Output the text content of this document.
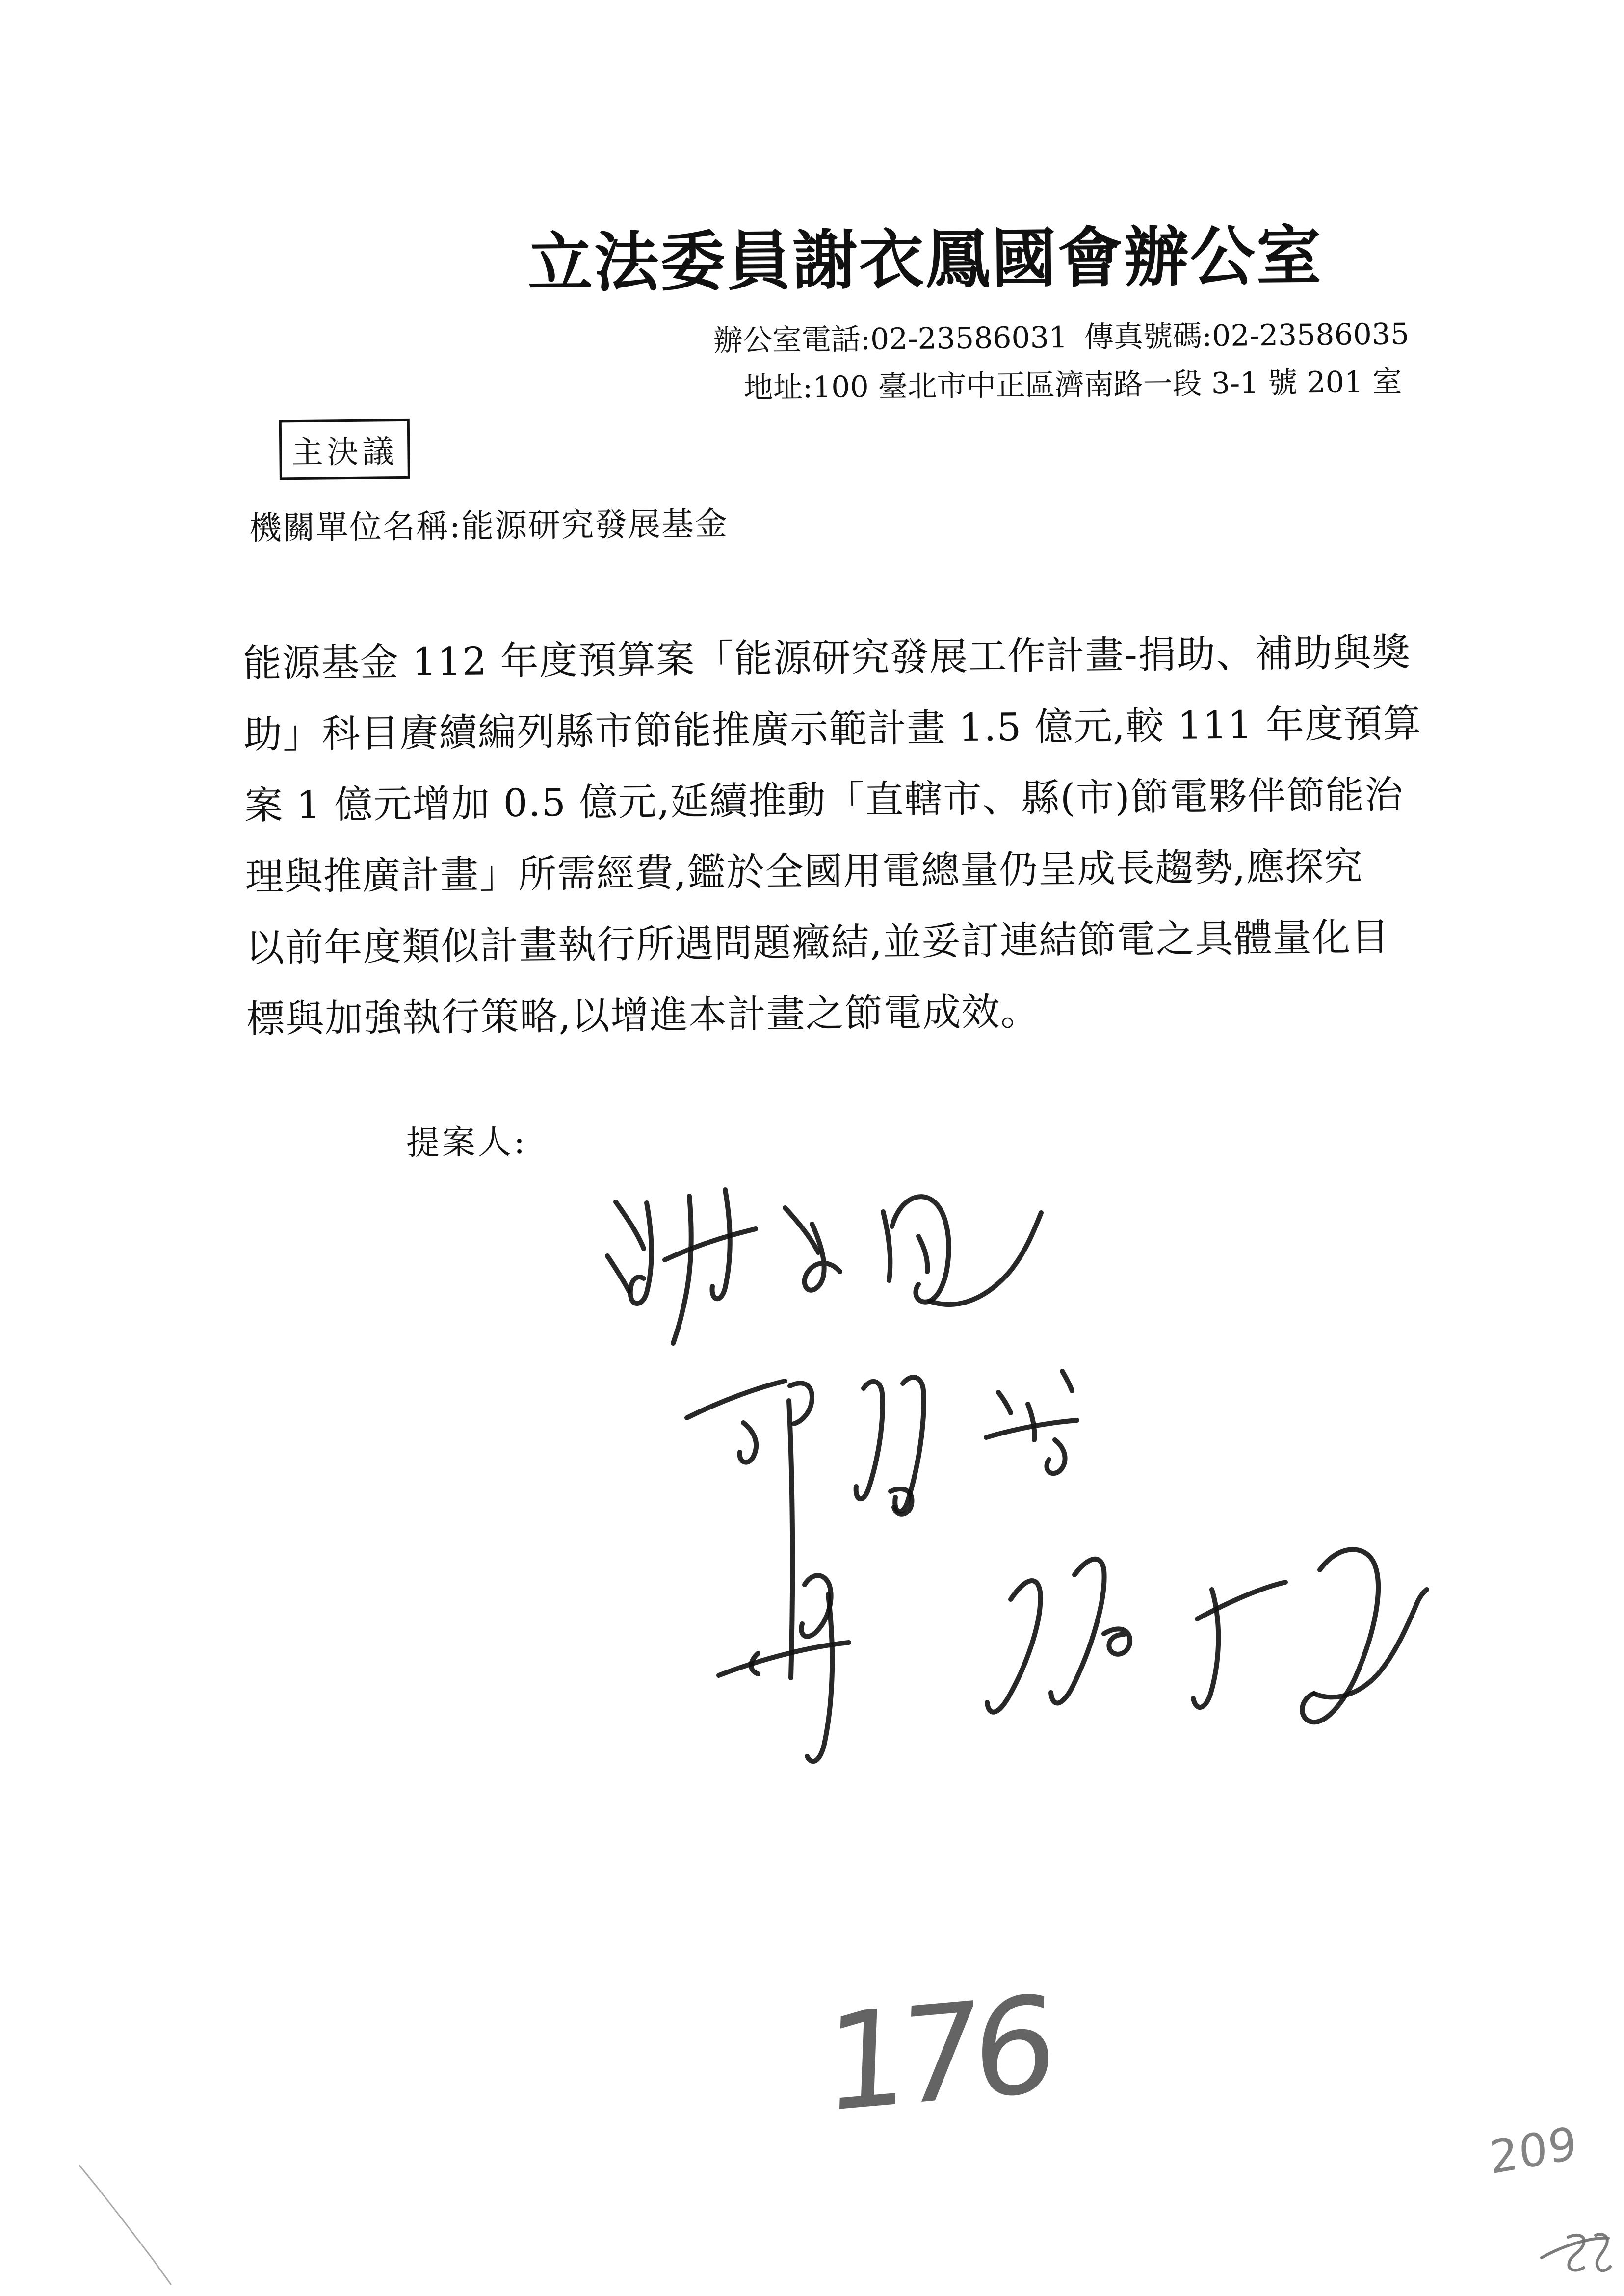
立法委員謝衣鳳國會辦公室
辦公室電話:02-23586031 傳真號碼:02-23586035
地址:100 臺北市中正區濟南路一段 3-1 號 201 室
主決議
機關單位名稱:能源研究發展基金
能源基金 112 年度預算案「能源研究發展工作計畫-捐助、補助與獎
助」科目賡續編列縣市節能推廣示範計畫 1.5 億元,較 111 年度預算
案 1 億元增加 0.5 億元,延續推動「直轄市、縣(市)節電夥伴節能治
理與推廣計畫」所需經費,鑑於全國用電總量仍呈成長趨勢,應探究
以前年度類似計畫執行所遇問題癥結,並妥訂連結節電之具體量化目
標與加強執行策略,以增進本計畫之節電成效。
提案人:
176
209
